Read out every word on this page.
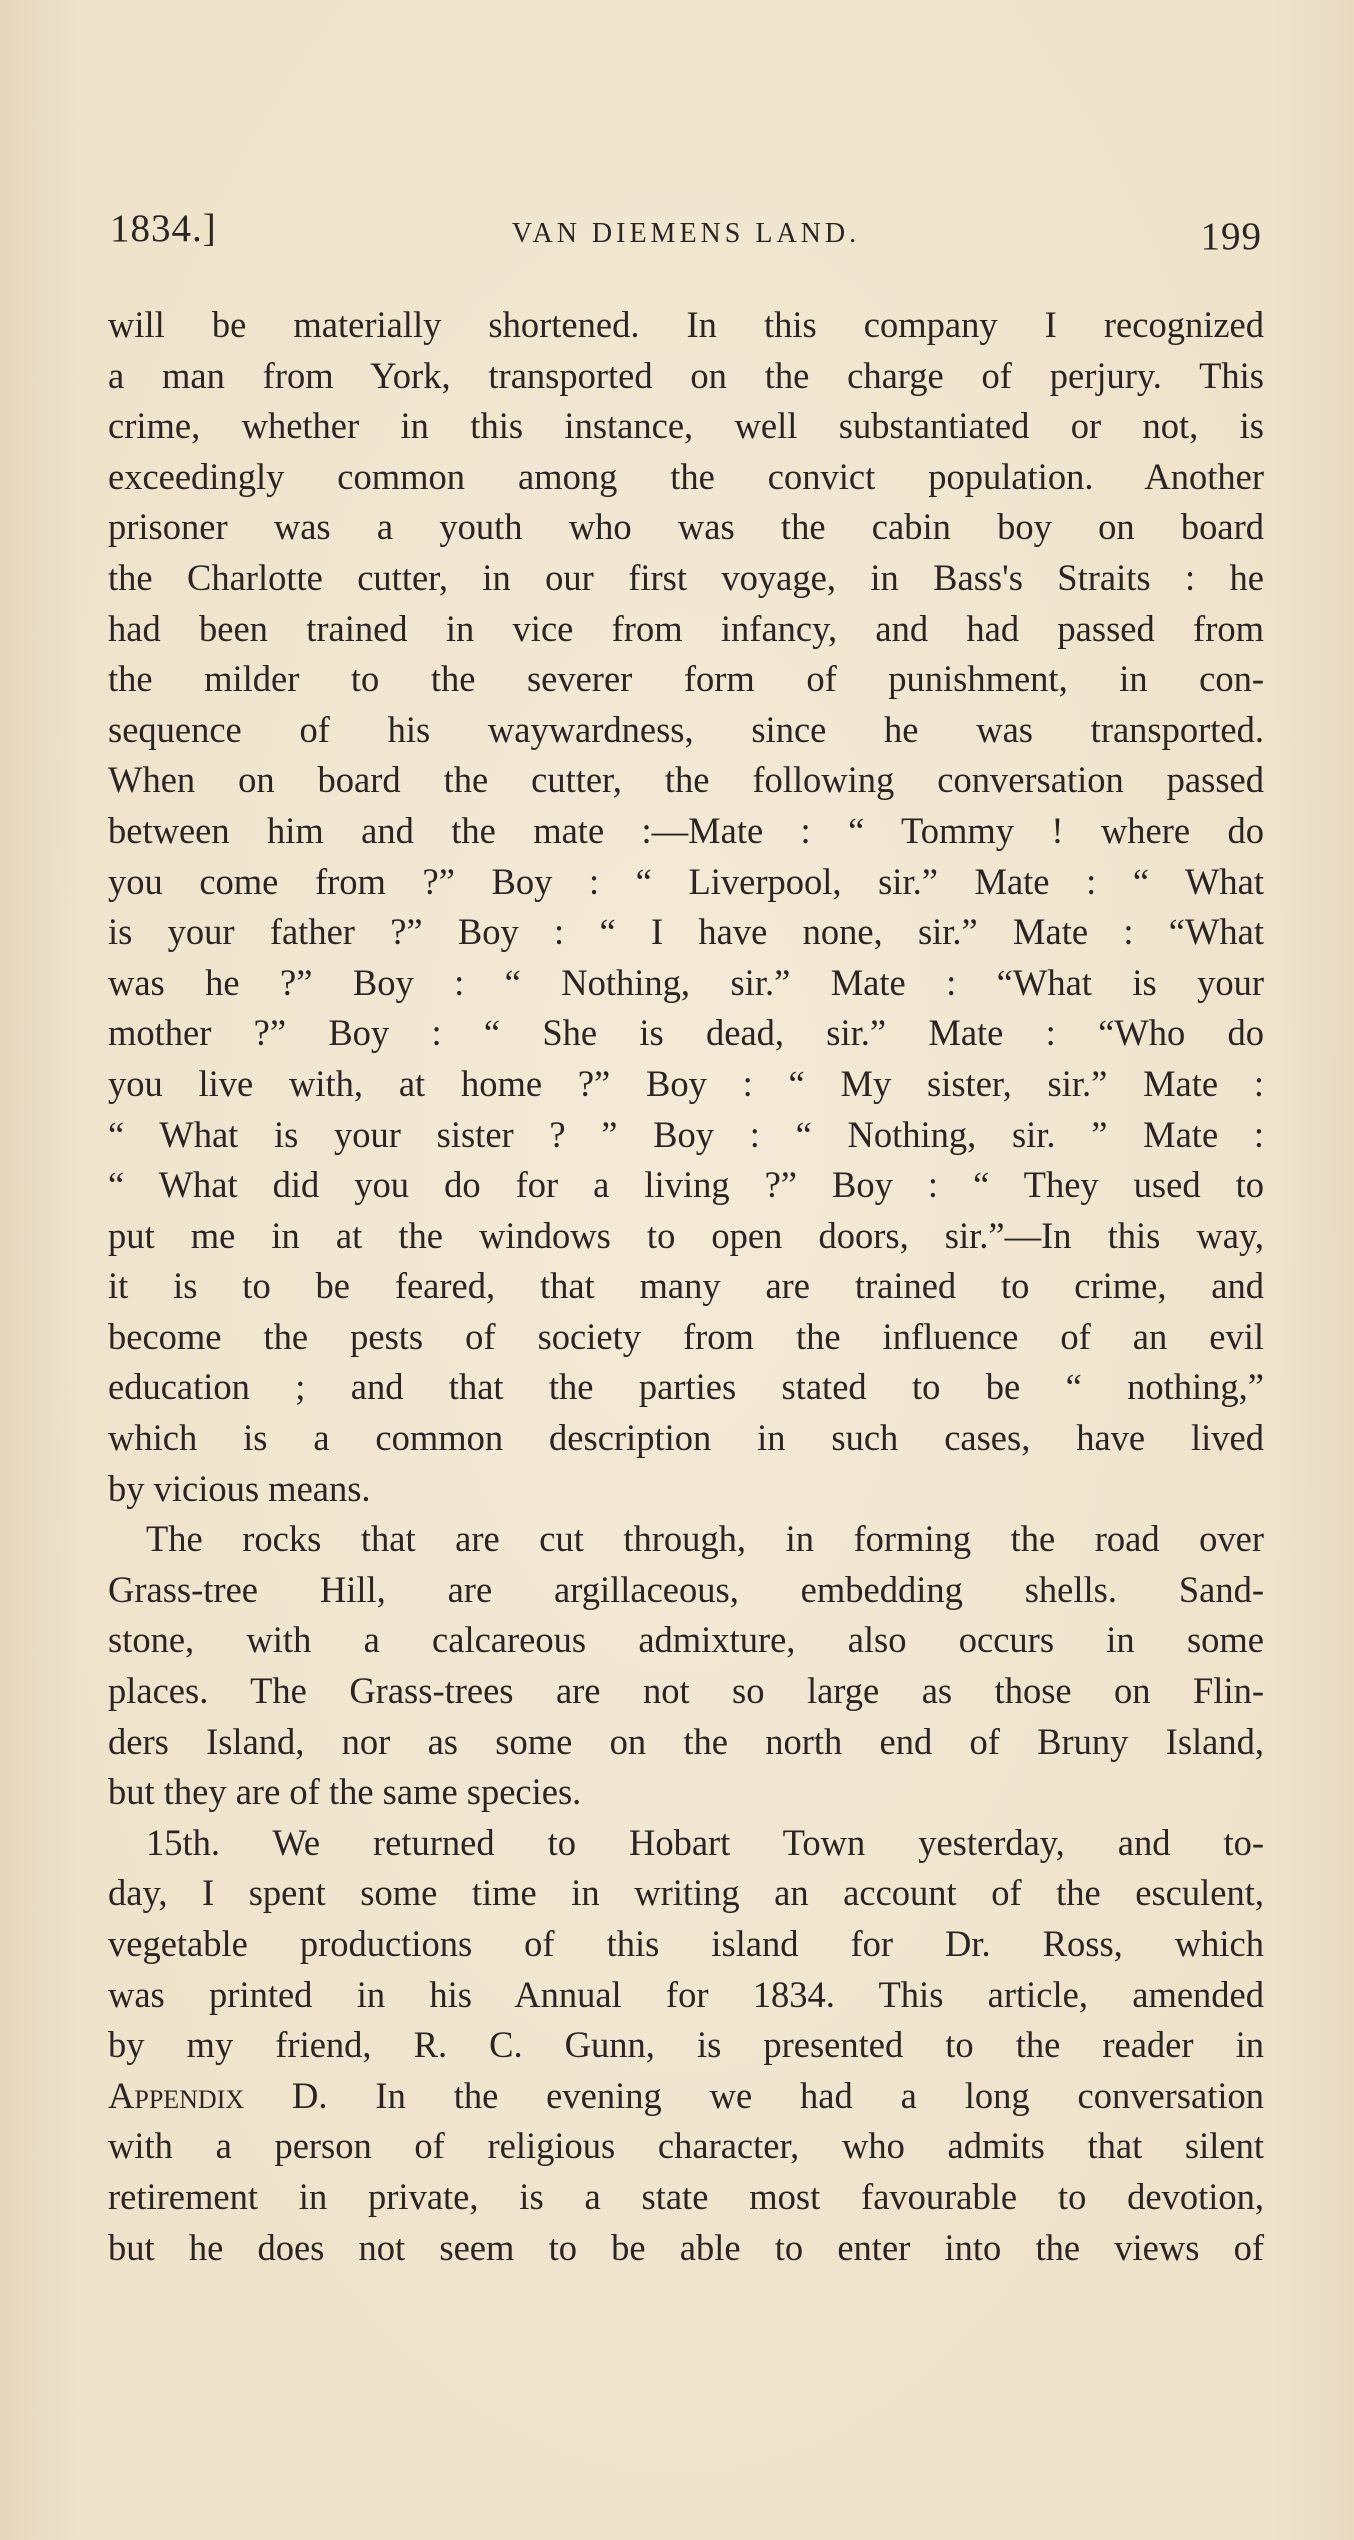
1834.]	VAN DIEMENS LAND.	199
will be materially shortened. In this company I recognized
a man from York, transported on the charge of perjury. This
crime, whether in this instance, well substantiated or not, is
exceedingly common among the convict population. Another
prisoner was a youth who was the cabin boy on board
the Charlotte cutter, in our first voyage, in Bass's Straits : he
had been trained in vice from infancy, and had passed from
the milder to the severer form of punishment, in con-
sequence of his waywardness, since he was transported.
When on board the cutter, the following conversation passed
between him and the mate :—Mate : “ Tommy ! where do
you come from ?” Boy : “ Liverpool, sir.” Mate : “ What
is your father ?” Boy : “ I have none, sir.” Mate : “What
was he ?” Boy : “ Nothing, sir.” Mate : “What is your
mother ?” Boy : “ She is dead, sir.” Mate : “Who do
you live with, at home ?” Boy : “ My sister, sir.” Mate :
“ What is your sister ? ” Boy : “ Nothing, sir. ” Mate :
“ What did you do for a living ?” Boy : “ They used to
put me in at the windows to open doors, sir.”—In this way,
it is to be feared, that many are trained to crime, and
become the pests of society from the influence of an evil
education ; and that the parties stated to be “ nothing,”
which is a common description in such cases, have lived
by vicious means.
The rocks that are cut through, in forming the road over
Grass-tree Hill, are argillaceous, embedding shells. Sand-
stone, with a calcareous admixture, also occurs in some
places. The Grass-trees are not so large as those on Flin-
ders Island, nor as some on the north end of Bruny Island,
but they are of the same species.
15th. We returned to Hobart Town yesterday, and to-
day, I spent some time in writing an account of the esculent,
vegetable productions of this island for Dr. Ross, which
was printed in his Annual for 1834. This article, amended
by my friend, R. C. Gunn, is presented to the reader in
Appendix D. In the evening we had a long conversation
with a person of religious character, who admits that silent
retirement in private, is a state most favourable to devotion,
but he does not seem to be able to enter into the views of
